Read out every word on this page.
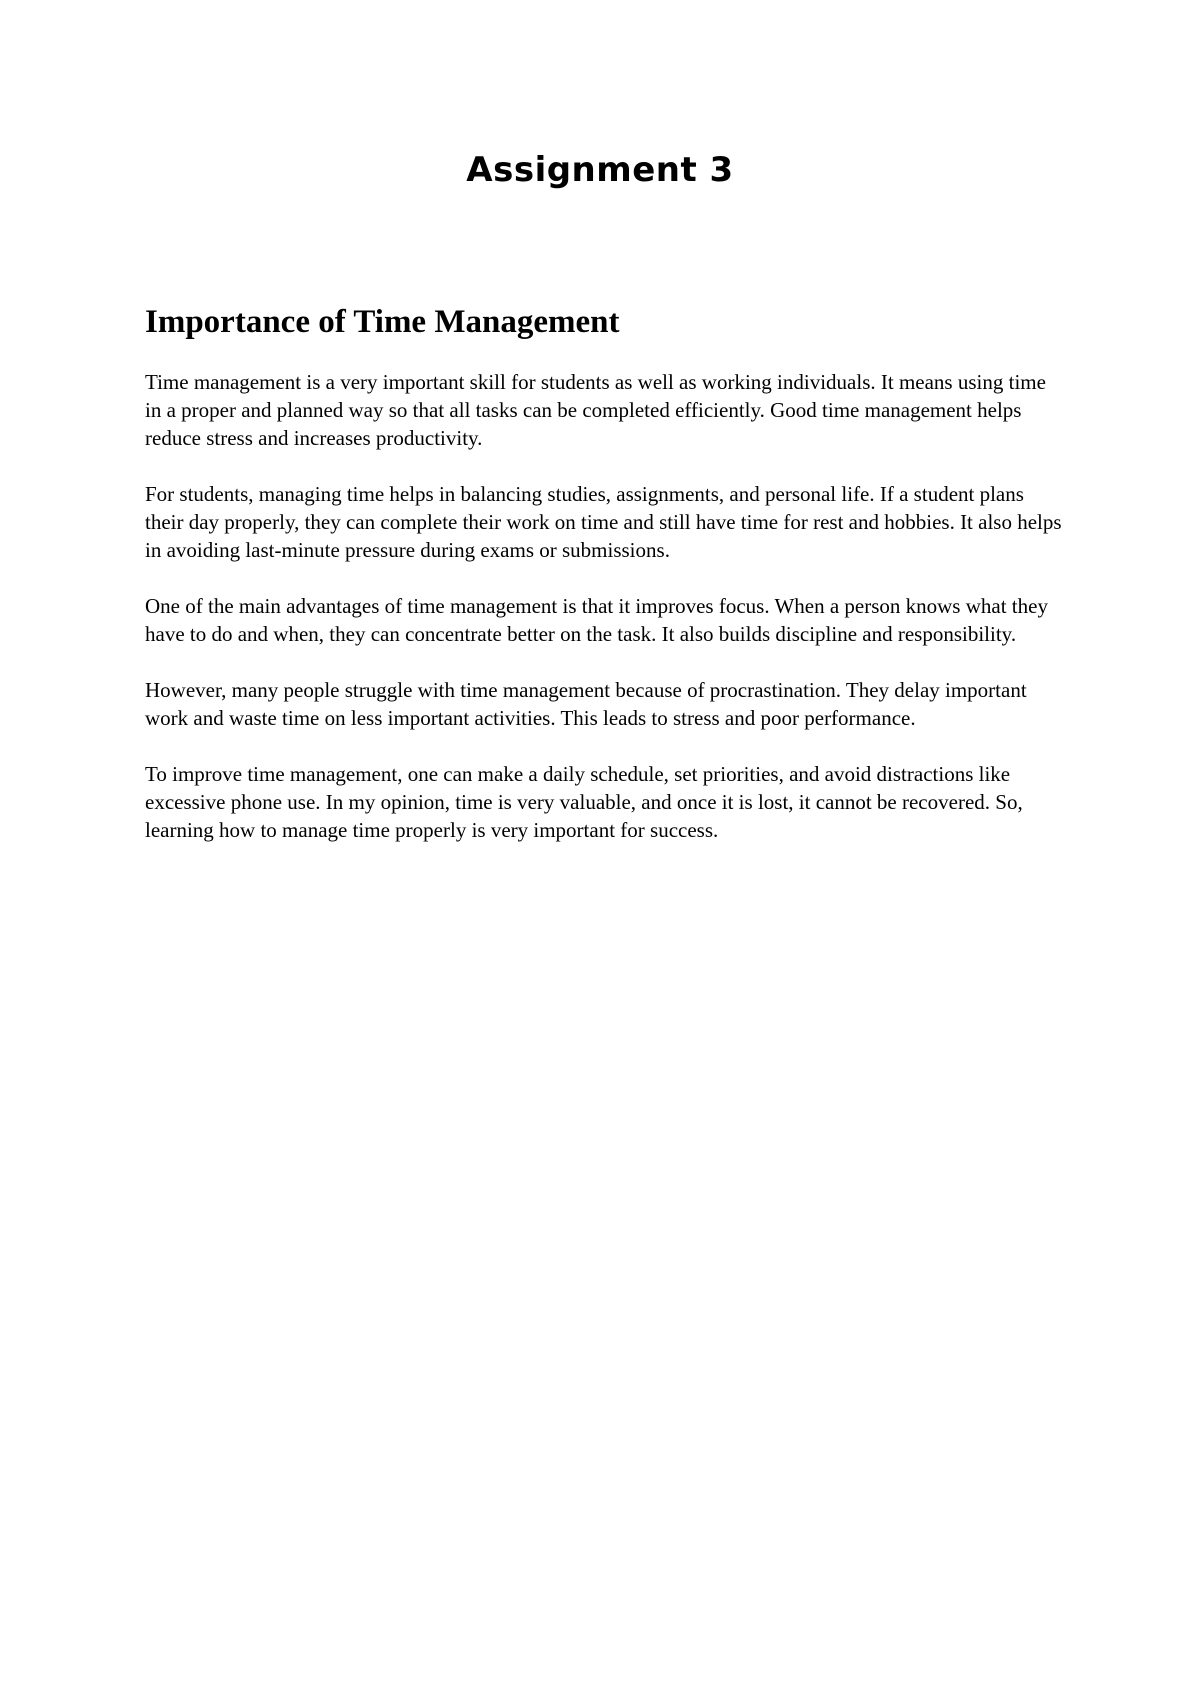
Assignment 3
Importance of Time Management

Time management is a very important skill for students as well as working individuals. It means using time in a proper and planned way so that all tasks can be completed efficiently. Good time management helps reduce stress and increases productivity.

For students, managing time helps in balancing studies, assignments, and personal life. If a student plans their day properly, they can complete their work on time and still have time for rest and hobbies. It also helps in avoiding last-minute pressure during exams or submissions.

One of the main advantages of time management is that it improves focus. When a person knows what they have to do and when, they can concentrate better on the task. It also builds discipline and responsibility.

However, many people struggle with time management because of procrastination. They delay important work and waste time on less important activities. This leads to stress and poor performance.

To improve time management, one can make a daily schedule, set priorities, and avoid distractions like excessive phone use. In my opinion, time is very valuable, and once it is lost, it cannot be recovered. So, learning how to manage time properly is very important for success.
